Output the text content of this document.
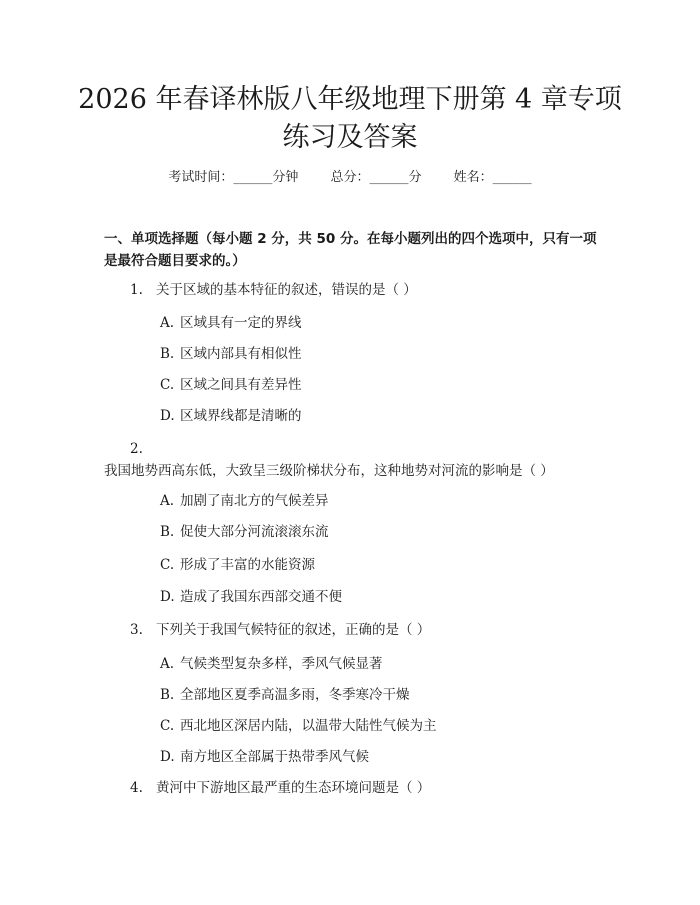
2026 年春译林版八年级地理下册第 4 章专项
练习及答案
考试时间：______分钟 总分：______分 姓名：______

一、单项选择题（每小题 2 分，共 50 分。在每小题列出的四个选项中，只有一项是最符合题目要求的。）

1. 关于区域的基本特征的叙述，错误的是（ ）
A. 区域具有一定的界线
B. 区域内部具有相似性
C. 区域之间具有差异性
D. 区域界线都是清晰的
2.我国地势西高东低，大致呈三级阶梯状分布，这种地势对河流的影响是（ ）
A. 加剧了南北方的气候差异
B. 促使大部分河流滚滚东流
C. 形成了丰富的水能资源
D. 造成了我国东西部交通不便
3. 下列关于我国气候特征的叙述，正确的是（ ）
A. 气候类型复杂多样，季风气候显著
B. 全部地区夏季高温多雨，冬季寒冷干燥
C. 西北地区深居内陆，以温带大陆性气候为主
D. 南方地区全部属于热带季风气候
4. 黄河中下游地区最严重的生态环境问题是（ ）
